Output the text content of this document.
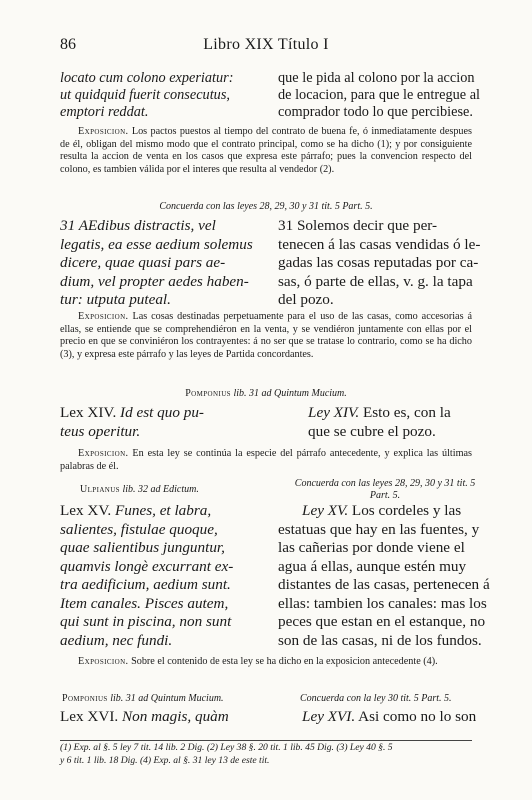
86	Libro XIX Título I
locato cum colono experiatur:
ut quidquid fuerit consecutus,
emptori reddat.
que le pida al colono por la accion
de locacion, para que le entregue al
comprador todo lo que percibiese.
Exposicion. Los pactos puestos al tiempo del contrato de buena fe, ó inmediatamente despues de él, obligan del mismo modo que el contrato principal, como se ha dicho (1); y por consiguiente resulta la accion de venta en los casos que expresa este párrafo; pues la convencion respecto del colono, es tambien válida por el interes que resulta al vendedor (2).
Concuerda con las leyes 28, 29, 30 y 31 tit. 5 Part. 5.
31 AEdibus distractis, vel
legatis, ea esse aedium solemus
dicere, quae quasi pars ae-
dium, vel propter aedes haben-
tur: utputa puteal.
31 Solemos decir que per-
tenecen á las casas vendidas ó le-
gadas las cosas reputadas por ca-
sas, ó parte de ellas, v. g. la tapa
del pozo.
Exposicion. Las cosas destinadas perpetuamente para el uso de las casas, como accesorias á ellas, se entiende que se comprehendiéron en la venta, y se vendiéron juntamente con ellas por el precio en que se conviniéron los contrayentes: á no ser que se tratase lo contrario, como se ha dicho (3), y expresa este párrafo y las leyes de Partida concordantes.
Pomponius lib. 31 ad Quintum Mucium.
Lex XIV. Id est quo pu-
teus operitur.
Ley XIV. Esto es, con la
que se cubre el pozo.
Exposicion. En esta ley se continúa la especie del párrafo antecedente, y explica las últimas palabras de él.
Ulpianus lib. 32 ad Edictum.
Concuerda con las leyes 28, 29, 30 y 31 tit. 5
Part. 5.
Lex XV. Funes, et labra,
salientes, fistulae quoque,
quae salientibus junguntur,
quamvis longè excurrant ex-
tra aedificium, aedium sunt.
Item canales. Pisces autem,
qui sunt in piscina, non sunt
aedium, nec fundi.
Ley XV. Los cordeles y las
estatuas que hay en las fuentes, y
las cañerias por donde viene el
agua á ellas, aunque estén muy
distantes de las casas, pertenecen á
ellas: tambien los canales: mas los
peces que estan en el estanque, no
son de las casas, ni de los fundos.
Exposicion. Sobre el contenido de esta ley se ha dicho en la exposicion antecedente (4).
Pomponius lib. 31 ad Quintum Mucium.	Concuerda con la ley 30 tit. 5 Part. 5.
Lex XVI. Non magis, quàm	Ley XVI. Asi como no lo son
(1) Exp. al §. 5 ley 7 tit. 14 lib. 2 Dig. (2) Ley 38 §. 20 tit. 1 lib. 45 Dig. (3) Ley 40 §. 5
y 6 tit. 1 lib. 18 Dig. (4) Exp. al §. 31 ley 13 de este tit.
